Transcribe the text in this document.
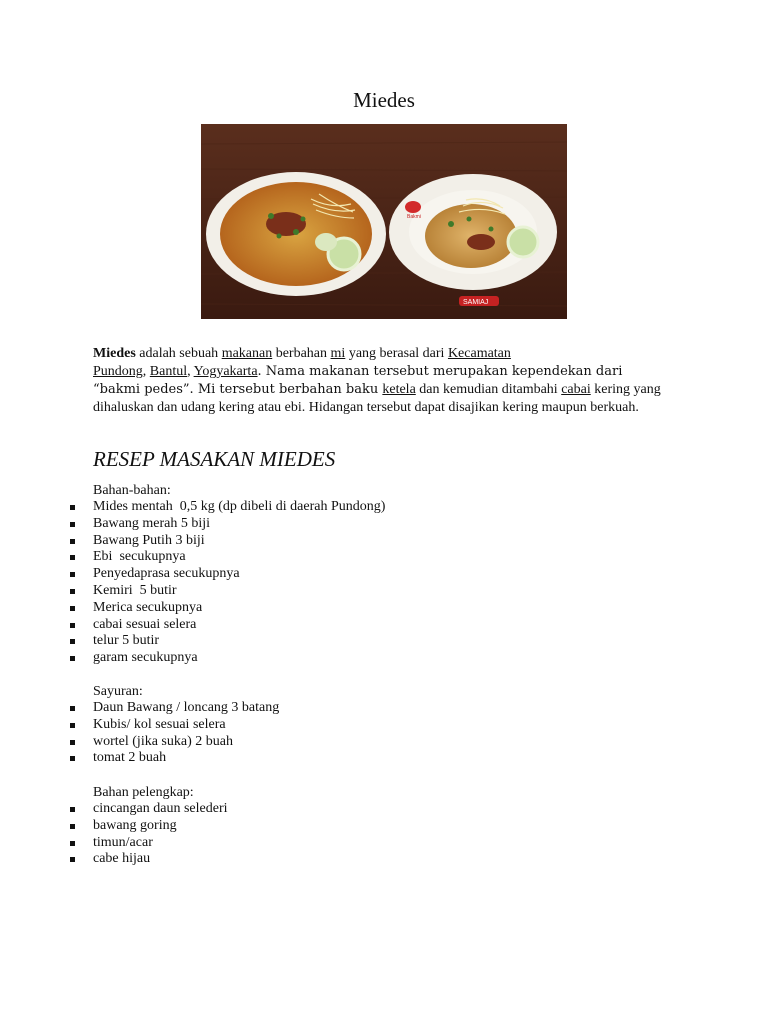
Miedes
Bakmi
SAMIAJ
Miedes adalah sebuah makanan berbahan mi yang berasal dari Kecamatan
Pundong, Bantul, Yogyakarta. Nama makanan tersebut merupakan kependekan dari “bakmi pedes”. Mi tersebut berbahan baku ketela dan kemudian ditambahi cabai kering yang dihaluskan dan udang kering atau ebi. Hidangan tersebut dapat disajikan kering maupun berkuah.
RESEP MASAKAN MIEDES
Bahan-bahan:
Mides mentah  0,5 kg (dp dibeli di daerah Pundong)
Bawang merah 5 biji
Bawang Putih 3 biji
Ebi  secukupnya
Penyedaprasa secukupnya
Kemiri  5 butir
Merica secukupnya
cabai sesuai selera
telur 5 butir
garam secukupnya
Sayuran:
Daun Bawang / loncang 3 batang
Kubis/ kol sesuai selera
wortel (jika suka) 2 buah
tomat 2 buah
Bahan pelengkap:
cincangan daun selederi
bawang goring
timun/acar
cabe hijau
